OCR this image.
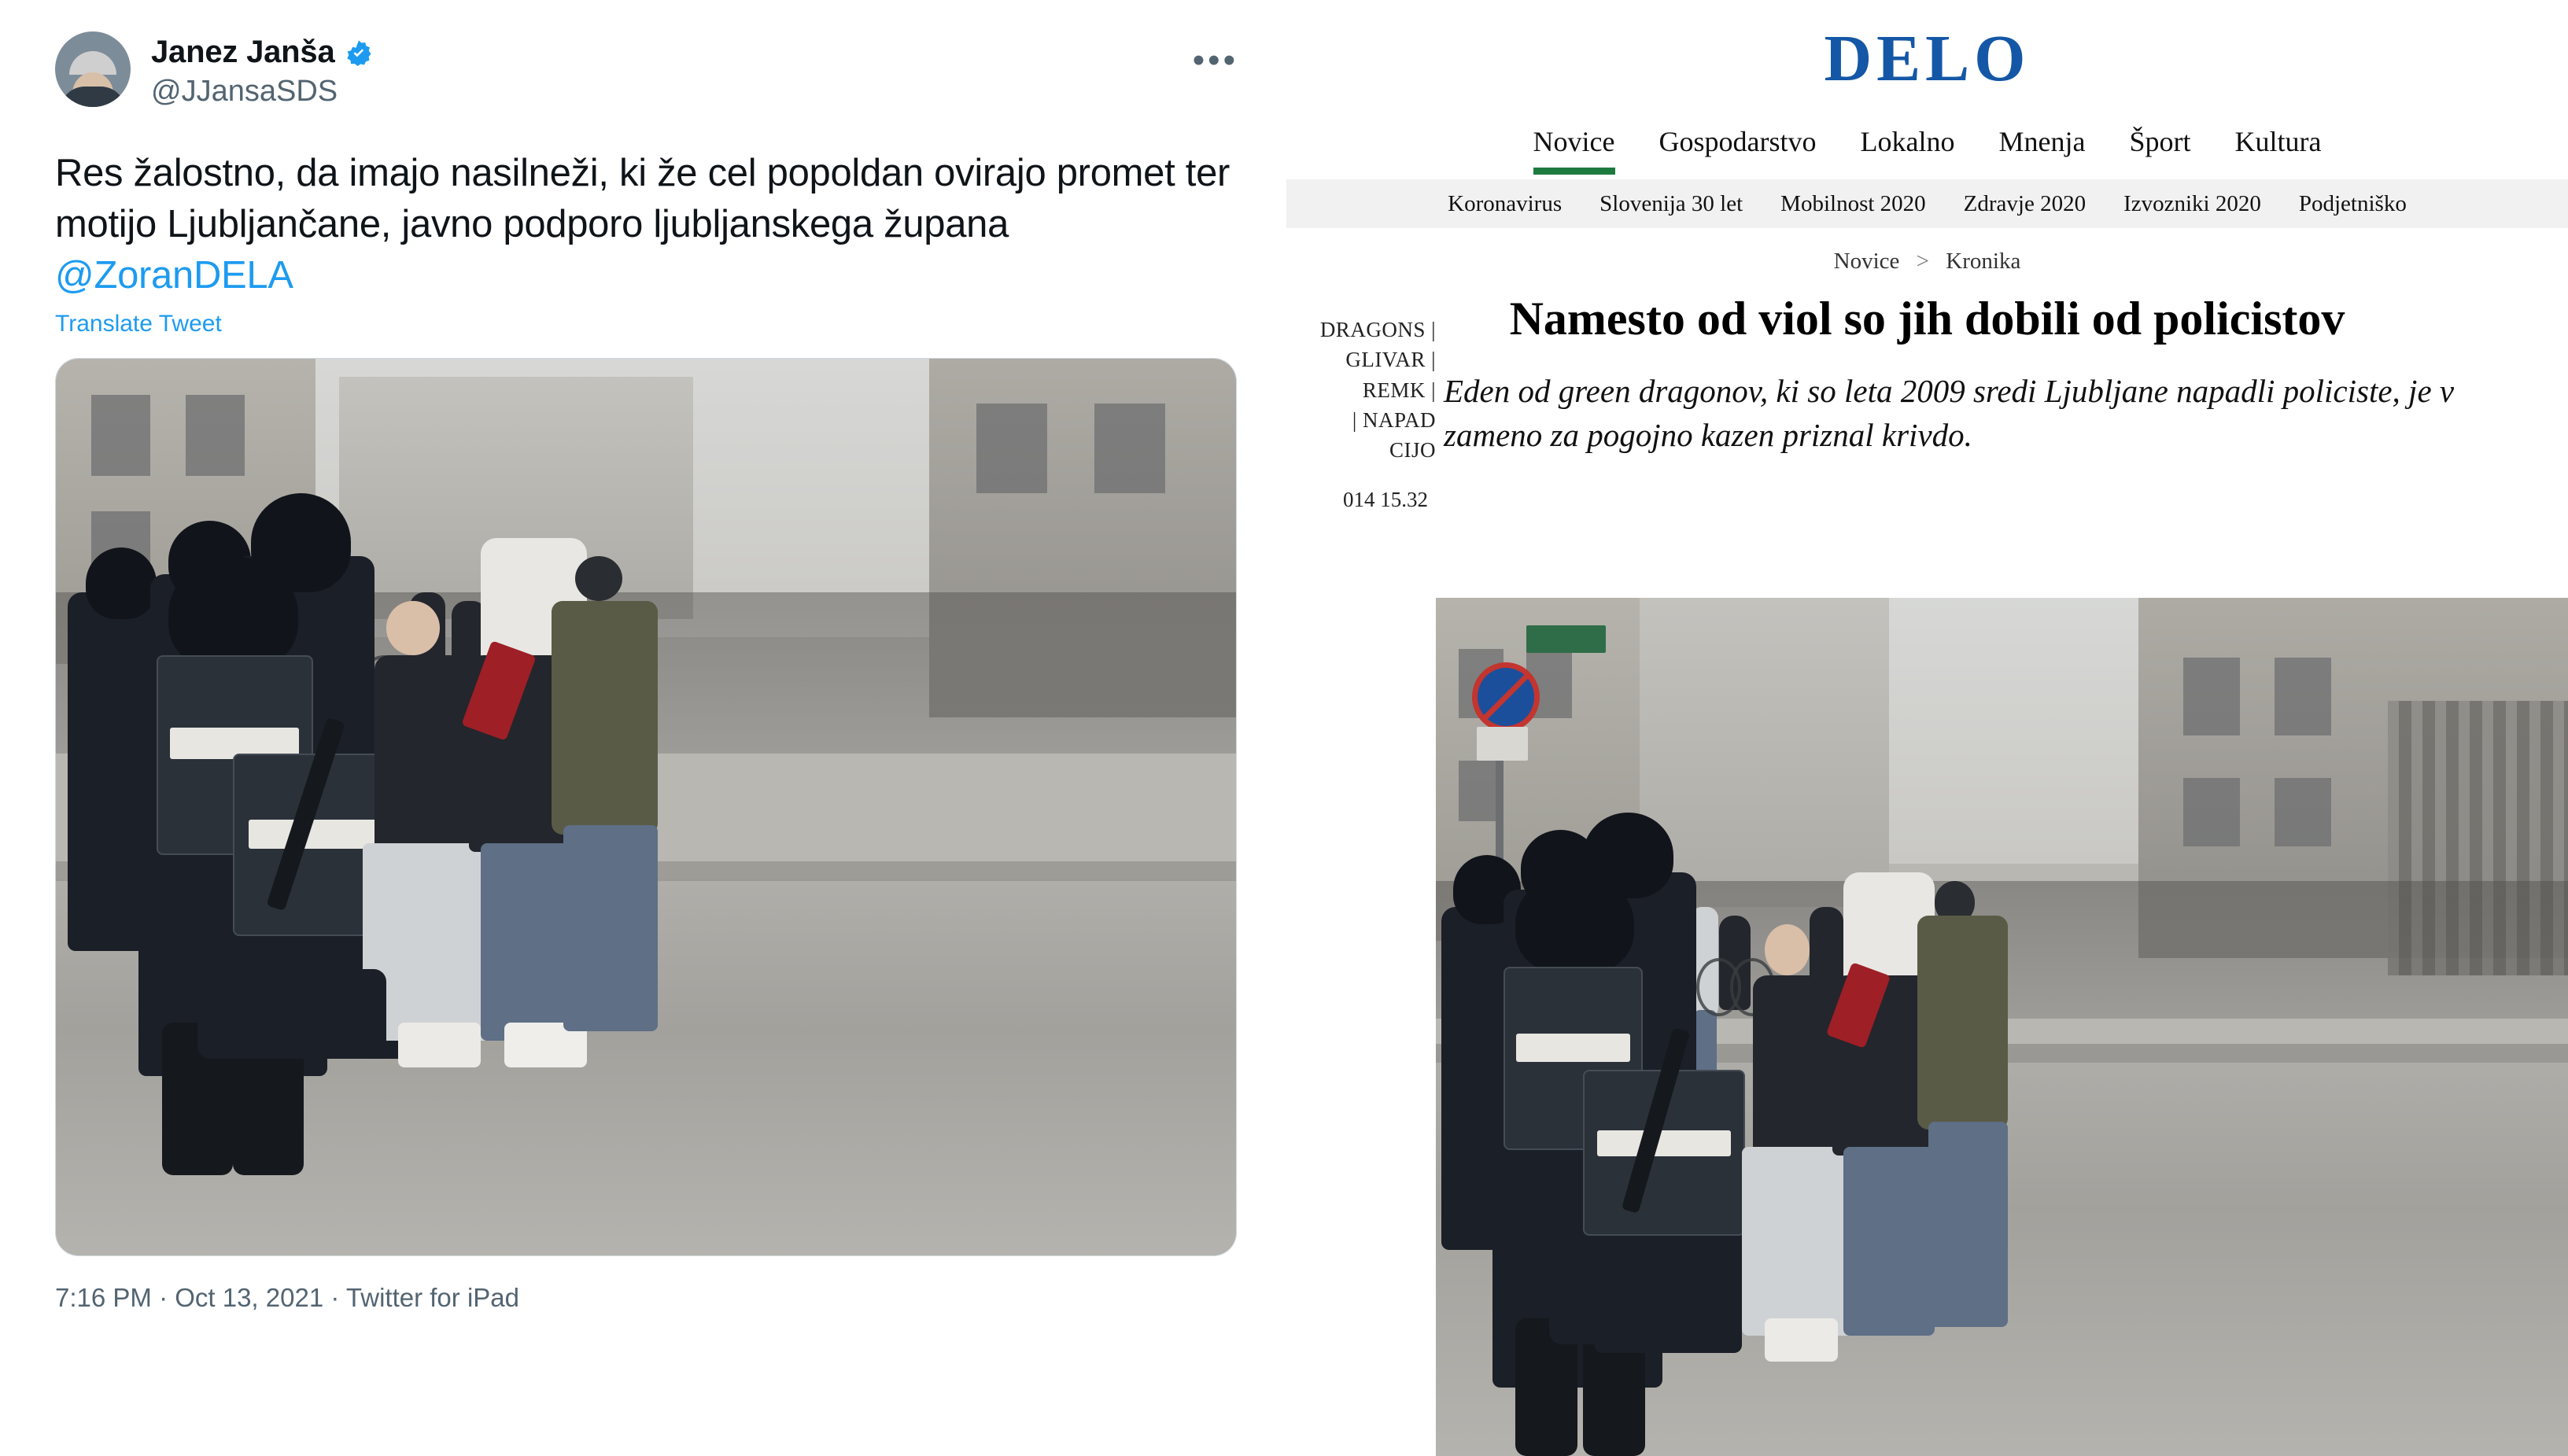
Janez Janša
@JJansaSDS
•••
Res žalostno, da imajo nasilneži, ki že cel popoldan ovirajo promet ter motijo Ljubljančane, javno podporo ljubljanskega župana @ZoranDELA
Translate Tweet
7:16 PM · Oct 13, 2021 · Twitter for iPad
DELO
Novice Gospodarstvo Lokalno Mnenja Šport Kultura
Koronavirus Slovenija 30 let Mobilnost 2020 Zdravje 2020 Izvozniki 2020 Podjetniško
Novice > Kronika
Namesto od viol so jih dobili od policistov
DRAGONS |
GLIVAR |
REMK |
| NAPAD
CIJO
014 15.32
Eden od green dragonov, ki so leta 2009 sredi Ljubljane napadli policiste, je v zameno za pogojno kazen priznal krivdo.
